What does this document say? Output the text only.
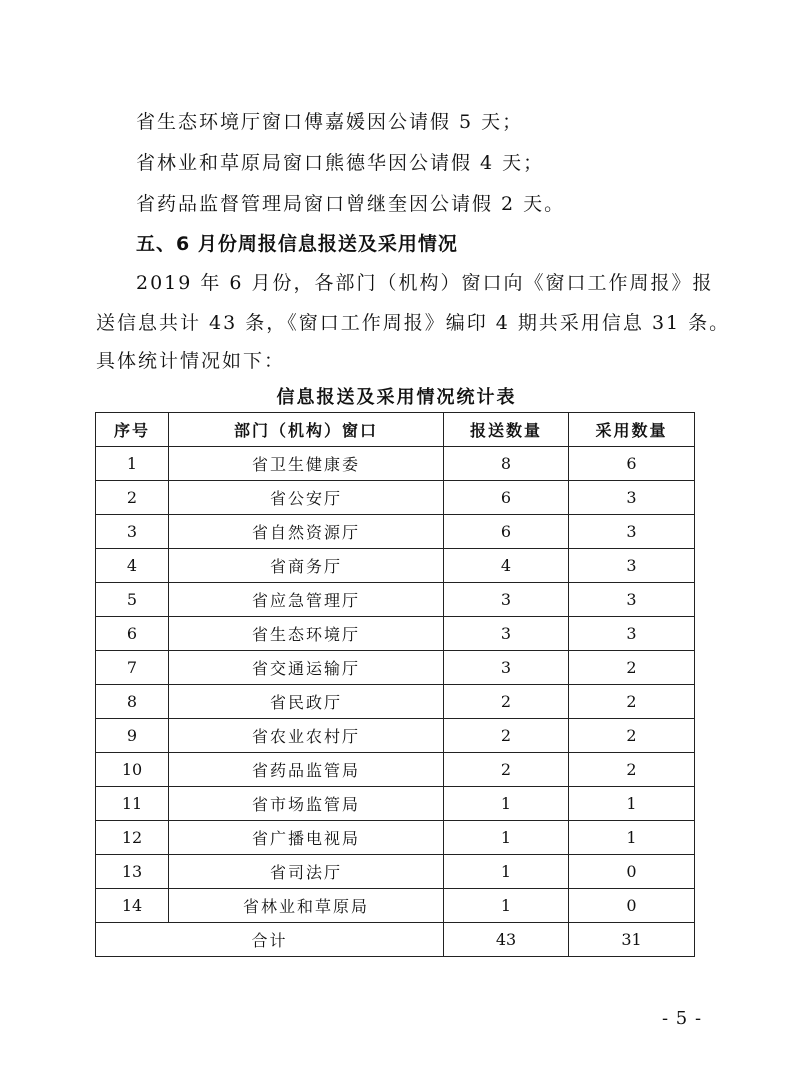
省生态环境厅窗口傅嘉媛因公请假 5 天；
省林业和草原局窗口熊德华因公请假 4 天；
省药品监督管理局窗口曾继奎因公请假 2 天。
五、6 月份周报信息报送及采用情况
2019 年 6 月份，各部门（机构）窗口向《窗口工作周报》报
送信息共计 43 条，《窗口工作周报》编印 4 期共采用信息 31 条。
具体统计情况如下：
信息报送及采用情况统计表
序号	部门（机构）窗口	报送数量	采用数量
1	省卫生健康委	8	6
2	省公安厅	6	3
3	省自然资源厅	6	3
4	省商务厅	4	3
5	省应急管理厅	3	3
6	省生态环境厅	3	3
7	省交通运输厅	3	2
8	省民政厅	2	2
9	省农业农村厅	2	2
10	省药品监管局	2	2
11	省市场监管局	1	1
12	省广播电视局	1	1
13	省司法厅	1	0
14	省林业和草原局	1	0
合计		43	31
- 5 -
